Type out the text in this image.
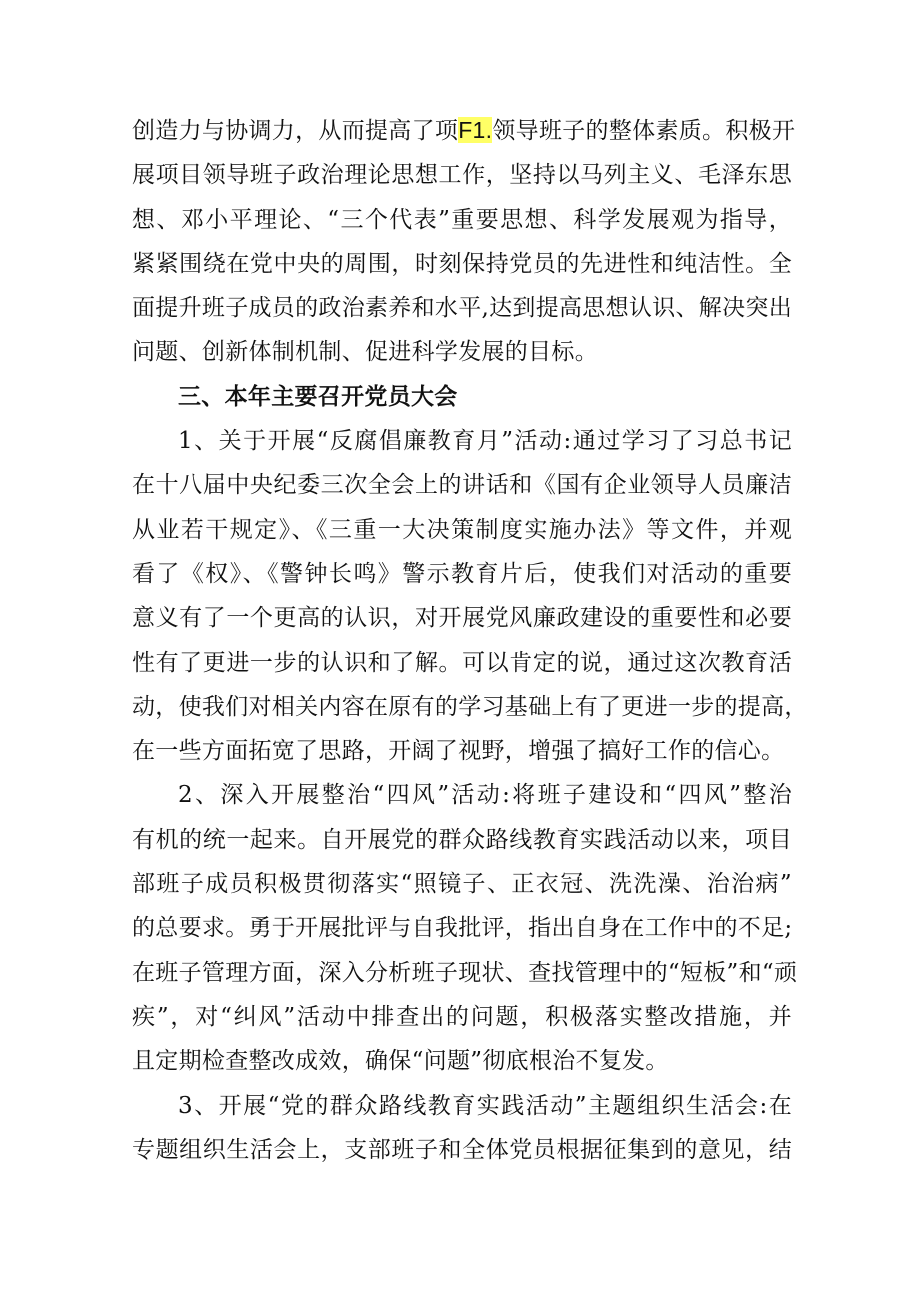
创造力与协调力，从而提高了项F1.领导班子的整体素质。积极开
展项目领导班子政治理论思想工作，坚持以马列主义、毛泽东思
想、邓小平理论、“三个代表”重要思想、科学发展观为指导，
紧紧围绕在党中央的周围，时刻保持党员的先进性和纯洁性。全
面提升班子成员的政治素养和水平,达到提高思想认识、解决突出
问题、创新体制机制、促进科学发展的目标。
三、本年主要召开党员大会
1、关于开展“反腐倡廉教育月”活动:通过学习了习总书记
在十八届中央纪委三次全会上的讲话和《国有企业领导人员廉洁
从业若干规定》、《三重一大决策制度实施办法》等文件，并观
看了《权》、《警钟长鸣》警示教育片后，使我们对活动的重要
意义有了一个更高的认识，对开展党风廉政建设的重要性和必要
性有了更进一步的认识和了解。可以肯定的说，通过这次教育活
动，使我们对相关内容在原有的学习基础上有了更进一步的提高，
在一些方面拓宽了思路，开阔了视野，增强了搞好工作的信心。
2、深入开展整治“四风”活动:将班子建设和“四风”整治
有机的统一起来。自开展党的群众路线教育实践活动以来，项目
部班子成员积极贯彻落实“照镜子、正衣冠、洗洗澡、治治病”
的总要求。勇于开展批评与自我批评，指出自身在工作中的不足;
在班子管理方面，深入分析班子现状、查找管理中的“短板”和“顽
疾”，对“纠风”活动中排查出的问题，积极落实整改措施，并
且定期检查整改成效，确保“问题”彻底根治不复发。
3、开展“党的群众路线教育实践活动”主题组织生活会:在
专题组织生活会上，支部班子和全体党员根据征集到的意见，结
